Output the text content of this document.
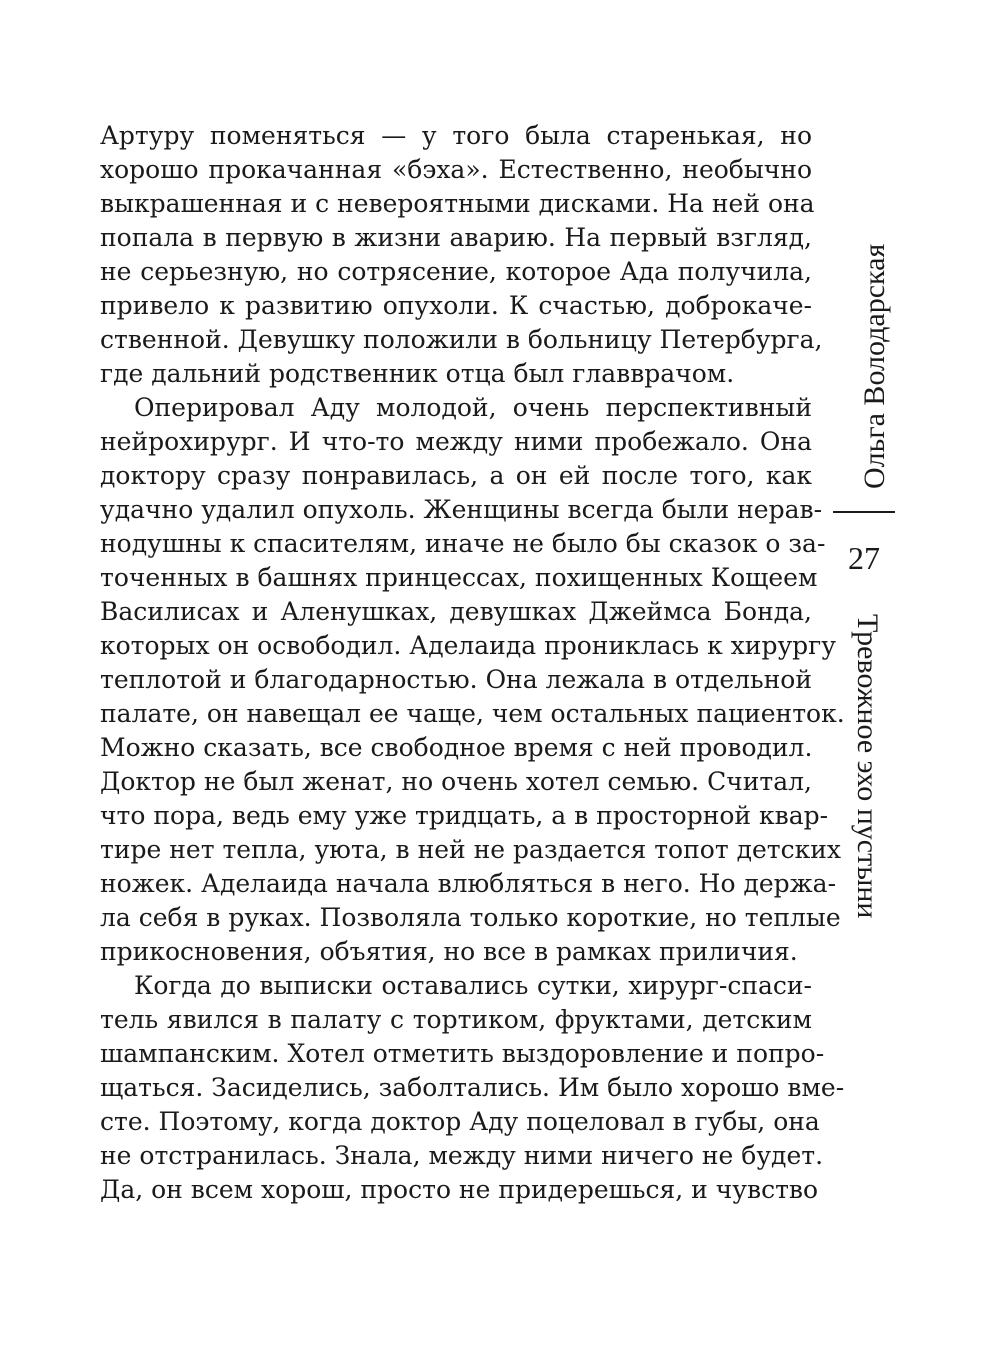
Артуру поменяться — у того была старенькая, но
хорошо прокачанная «бэха». Естественно, необычно
выкрашенная и с невероятными дисками. На ней она
попала в первую в жизни аварию. На первый взгляд,
не серьезную, но сотрясение, которое Ада получила,
привело к развитию опухоли. К счастью, доброкаче-
ственной. Девушку положили в больницу Петербурга,
где дальний родственник отца был главврачом.
Оперировал Аду молодой, очень перспективный
нейрохирург. И что-то между ними пробежало. Она
доктору сразу понравилась, а он ей после того, как
удачно удалил опухоль. Женщины всегда были нерав-
нодушны к спасителям, иначе не было бы сказок о за-
точенных в башнях принцессах, похищенных Кощеем
Василисах и Аленушках, девушках Джеймса Бонда,
которых он освободил. Аделаида прониклась к хирургу
теплотой и благодарностью. Она лежала в отдельной
палате, он навещал ее чаще, чем остальных пациенток.
Можно сказать, все свободное время с ней проводил.
Доктор не был женат, но очень хотел семью. Считал,
что пора, ведь ему уже тридцать, а в просторной квар-
тире нет тепла, уюта, в ней не раздается топот детских
ножек. Аделаида начала влюбляться в него. Но держа-
ла себя в руках. Позволяла только короткие, но теплые
прикосновения, объятия, но все в рамках приличия.
Когда до выписки оставались сутки, хирург-спаси-
тель явился в палату с тортиком, фруктами, детским
шампанским. Хотел отметить выздоровление и попро-
щаться. Засиделись, заболтались. Им было хорошо вме-
сте. Поэтому, когда доктор Аду поцеловал в губы, она
не отстранилась. Знала, между ними ничего не будет.
Да, он всем хорош, просто не придерешься, и чувство
Ольга Володарская
27
Тревожное эхо пустыни
